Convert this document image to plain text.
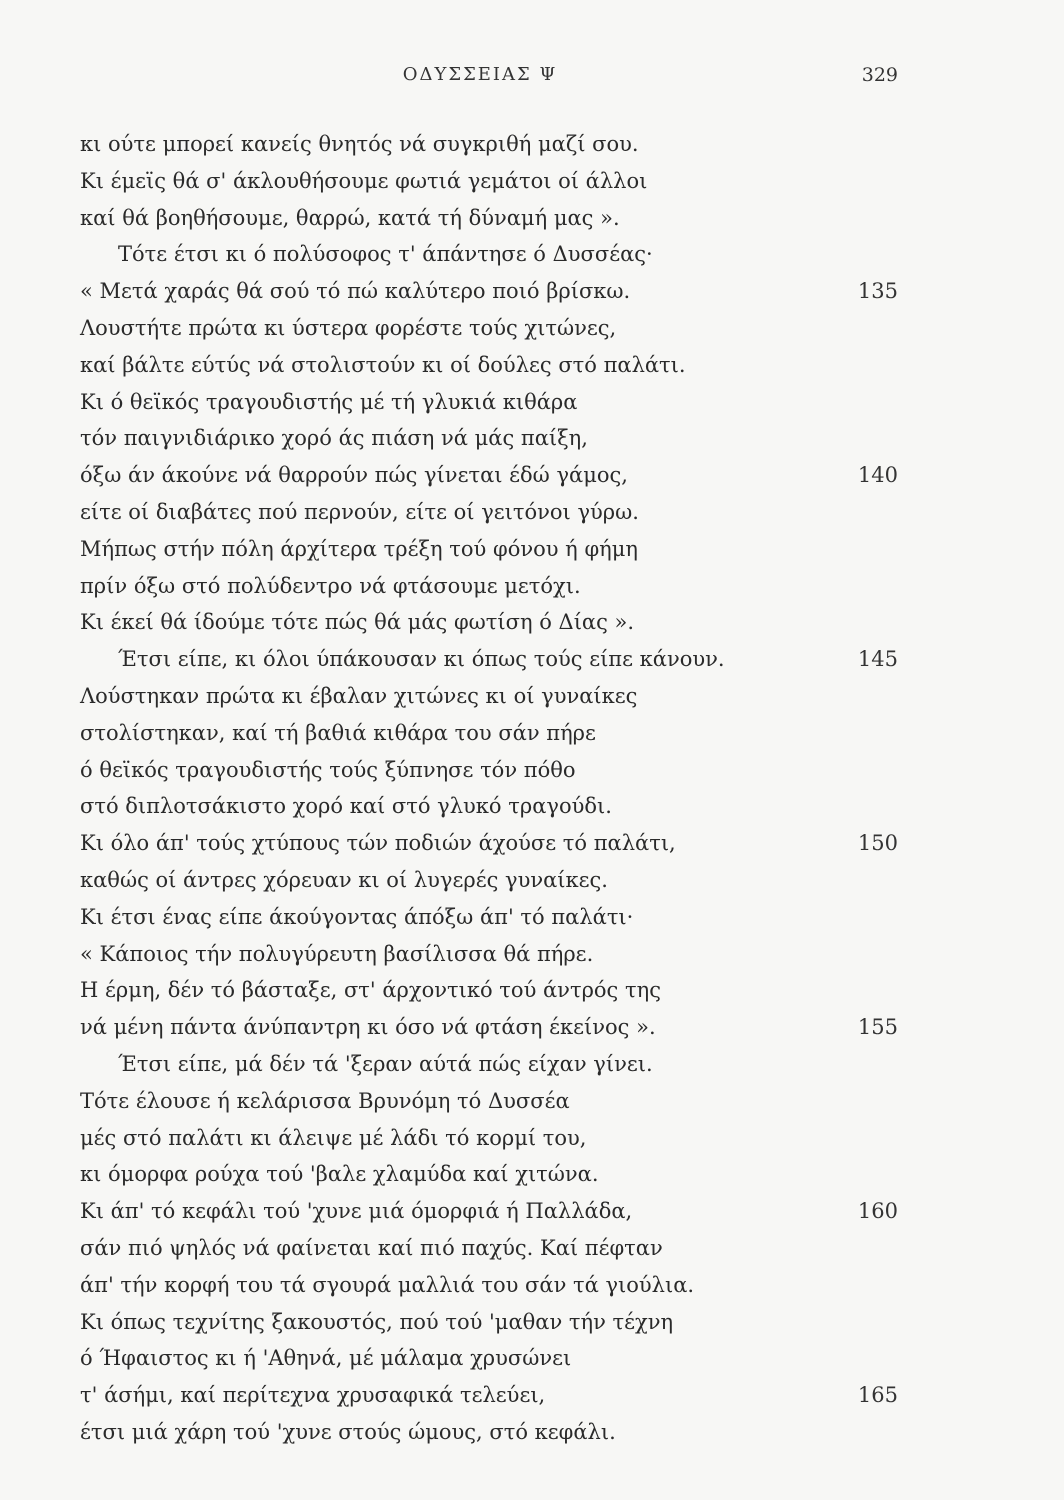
ΟΔΥΣΣΕΙΑΣ Ψ	329
κι ούτε μπορεί κανείς θνητός νά συγκριθή μαζί σου.
Κι έμεϊς θά σ' άκλουθήσουμε φωτιά γεμάτοι οί άλλοι
καί θά βοηθήσουμε, θαρρώ, κατά τή δύναμή μας ».
Τότε έτσι κι ό πολύσοφος τ' άπάντησε ό Δυσσέας·
« Μετά χαράς θά σού τό πώ καλύτερο ποιό βρίσκω.	135
Λουστήτε πρώτα κι ύστερα φορέστε τούς χιτώνες,
καί βάλτε εύτύς νά στολιστούν κι οί δούλες στό παλάτι.
Κι ό θεϊκός τραγουδιστής μέ τή γλυκιά κιθάρα
τόν παιγνιδιάρικο χορό άς πιάση νά μάς παίξη,
όξω άν άκούνε νά θαρρούν πώς γίνεται έδώ γάμος,	140
είτε οί διαβάτες πού περνούν, είτε οί γειτόνοι γύρω.
Μήπως στήν πόλη άρχίτερα τρέξη τού φόνου ή φήμη
πρίν όξω στό πολύδεντρο νά φτάσουμε μετόχι.
Κι έκεί θά ίδούμε τότε πώς θά μάς φωτίση ό Δίας ».
Έτσι είπε, κι όλοι ύπάκουσαν κι όπως τούς είπε κάνουν.	145
Λούστηκαν πρώτα κι έβαλαν χιτώνες κι οί γυναίκες
στολίστηκαν, καί τή βαθιά κιθάρα του σάν πήρε
ό θεϊκός τραγουδιστής τούς ξύπνησε τόν πόθο
στό διπλοτσάκιστο χορό καί στό γλυκό τραγούδι.
Κι όλο άπ' τούς χτύπους τών ποδιών άχούσε τό παλάτι,	150
καθώς οί άντρες χόρευαν κι οί λυγερές γυναίκες.
Κι έτσι ένας είπε άκούγοντας άπόξω άπ' τό παλάτι·
« Κάποιος τήν πολυγύρευτη βασίλισσα θά πήρε.
Η έρμη, δέν τό βάσταξε, στ' άρχοντικό τού άντρός της
νά μένη πάντα άνύπαντρη κι όσο νά φτάση έκείνος ».	155
Έτσι είπε, μά δέν τά 'ξεραν αύτά πώς είχαν γίνει.
Τότε έλουσε ή κελάρισσα Βρυνόμη τό Δυσσέα
μές στό παλάτι κι άλειψε μέ λάδι τό κορμί του,
κι όμορφα ρούχα τού 'βαλε χλαμύδα καί χιτώνα.
Κι άπ' τό κεφάλι τού 'χυνε μιά όμορφιά ή Παλλάδα,	160
σάν πιό ψηλός νά φαίνεται καί πιό παχύς. Καί πέφταν
άπ' τήν κορφή του τά σγουρά μαλλιά του σάν τά γιούλια.
Κι όπως τεχνίτης ξακουστός, πού τού 'μαθαν τήν τέχνη
ό Ήφαιστος κι ή 'Αθηνά, μέ μάλαμα χρυσώνει
τ' άσήμι, καί περίτεχνα χρυσαφικά τελεύει,	165
έτσι μιά χάρη τού 'χυνε στούς ώμους, στό κεφάλι.
